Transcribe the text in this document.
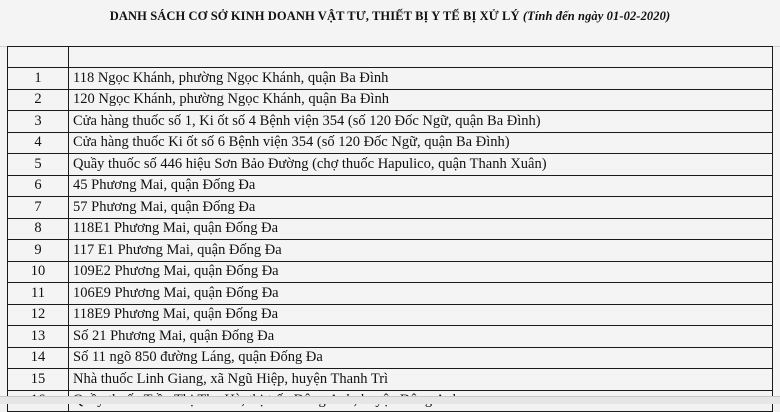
DANH SÁCH CƠ SỞ KINH DOANH VẬT TƯ, THIẾT BỊ Y TẾ BỊ XỬ LÝ (Tính đến ngày 01-02-2020)

1	118 Ngọc Khánh, phường Ngọc Khánh, quận Ba Đình
2	120 Ngọc Khánh, phường Ngọc Khánh, quận Ba Đình
3	Cửa hàng thuốc số 1, Ki ốt số 4 Bệnh viện 354 (số 120 Đốc Ngữ, quận Ba Đình)
4	Cửa hàng thuốc Ki ốt số 6 Bệnh viện 354 (số 120 Đốc Ngữ, quận Ba Đình)
5	Quầy thuốc số 446 hiệu Sơn Bảo Đường (chợ thuốc Hapulico, quận Thanh Xuân)
6	45 Phương Mai, quận Đống Đa
7	57 Phương Mai, quận Đống Đa
8	118E1 Phương Mai, quận Đống Đa
9	117 E1 Phương Mai, quận Đống Đa
10	109E2 Phương Mai, quận Đống Đa
11	106E9 Phương Mai, quận Đống Đa
12	118E9 Phương Mai, quận Đống Đa
13	Số 21 Phương Mai, quận Đống Đa
14	Số 11 ngõ 850 đường Láng, quận Đống Đa
15	Nhà thuốc Linh Giang, xã Ngũ Hiệp, huyện Thanh Trì
